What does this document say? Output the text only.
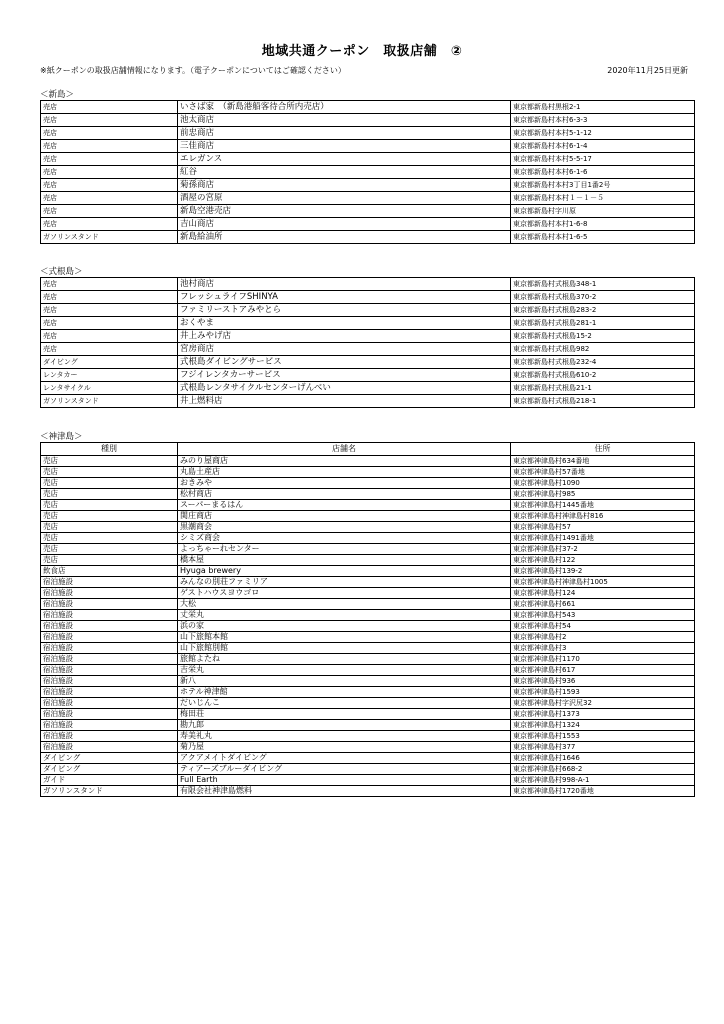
地域共通クーポン　取扱店舗　②
※紙クーポンの取扱店舗情報になります。（電子クーポンについてはご確認ください）	2020年11月25日更新
＜新島＞
売店	いさば家　（新島港船客待合所内売店）	東京都新島村黒根2-1
売店	池太商店	東京都新島村本村6-3-3
売店	前忠商店	東京都新島村本村5-1-12
売店	三佳商店	東京都新島村本村6-1-4
売店	エレガンス	東京都新島村本村5-5-17
売店	紅谷	東京都新島村本村6-1-6
売店	菊孫商店	東京都新島村本村3丁目1番2号
売店	酒屋の宮原	東京都新島村本村１－１－５
売店	新島空港売店	東京都新島村字川原
売店	吉山商店	東京都新島村本村1-6-8
ガソリンスタンド	新島給油所	東京都新島村本村1-6-5
＜式根島＞
売店	池村商店	東京都新島村式根島348-1
売店	フレッシュライフSHINYA	東京都新島村式根島370-2
売店	ファミリーストアみやとら	東京都新島村式根島283-2
売店	おくやま	東京都新島村式根島281-1
売店	井上みやげ店	東京都新島村式根島15-2
売店	宮房商店	東京都新島村式根島982
ダイビング	式根島ダイビングサービス	東京都新島村式根島232-4
レンタカー	フジイレンタカーサービス	東京都新島村式根島610-2
レンタサイクル	式根島レンタサイクルセンターげんべい	東京都新島村式根島21-1
ガソリンスタンド	井上燃料店	東京都新島村式根島218-1
＜神津島＞
種別	店舗名	住所
売店	みのり屋商店	東京都神津島村634番地
売店	丸島土産店	東京都神津島村57番地
売店	おきみや	東京都神津島村1090
売店	松村商店	東京都神津島村985
売店	スーパーまるはん	東京都神津島村1445番地
売店	関庄商店	東京都神津島村神津島村816
売店	黒潮商会	東京都神津島村57
売店	シミズ商会	東京都神津島村1491番地
売店	よっちゃーれセンター	東京都神津島村37-2
売店	橋本屋	東京都神津島村122
飲食店	Hyuga brewery	東京都神津島村139-2
宿泊施設	みんなの別荘ファミリア	東京都神津島村神津島村1005
宿泊施設	ゲストハウスヨウゴロ	東京都神津島村124
宿泊施設	大松	東京都神津島村661
宿泊施設	丈栄丸	東京都神津島村543
宿泊施設	浜の家	東京都神津島村54
宿泊施設	山下旅館本館	東京都神津島村2
宿泊施設	山下旅館別館	東京都神津島村3
宿泊施設	旅館よたね	東京都神津島村1170
宿泊施設	吉栄丸	東京都神津島村617
宿泊施設	新八	東京都神津島村936
宿泊施設	ホテル神津館	東京都神津島村1593
宿泊施設	だいじんこ	東京都神津島村字沢尻32
宿泊施設	梅田荘	東京都神津島村1373
宿泊施設	勘九郎	東京都神津島村1324
宿泊施設	寿美礼丸	東京都神津島村1553
宿泊施設	菊乃屋	東京都神津島村377
ダイビング	アクアメイトダイビング	東京都神津島村1646
ダイビング	ティアーズブルーダイビング	東京都神津島村668-2
ガイド	Full Earth	東京都神津島村998-A-1
ガソリンスタンド	有限会社神津島燃料	東京都神津島村1720番地
